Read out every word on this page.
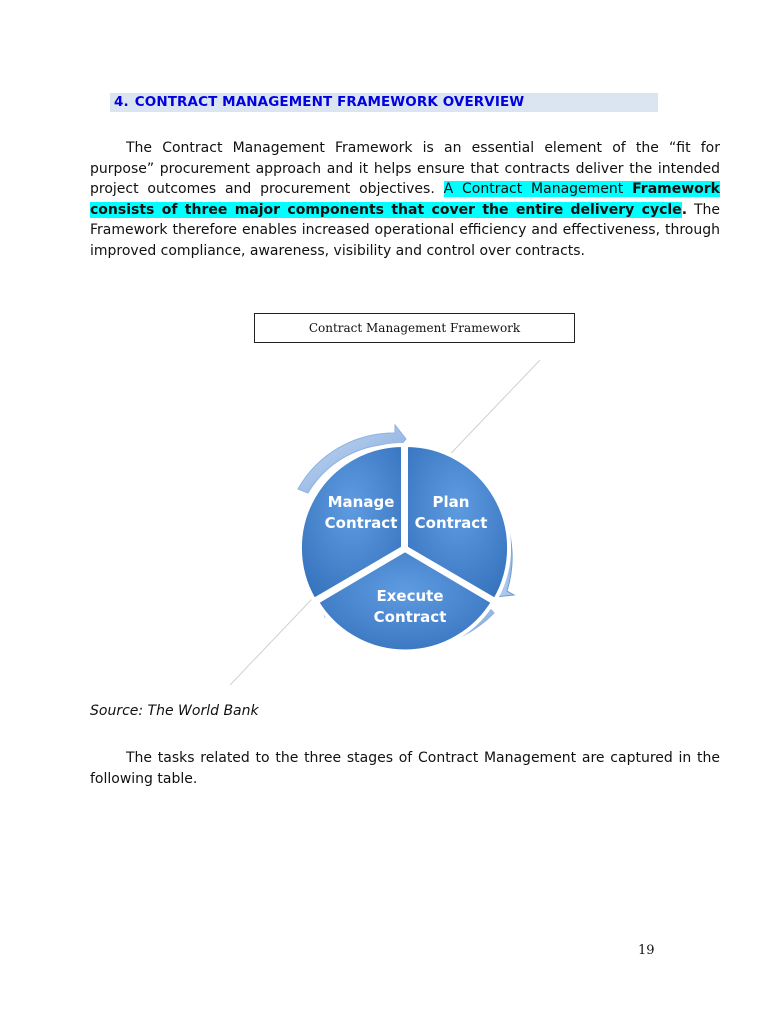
4. CONTRACT MANAGEMENT FRAMEWORK OVERVIEW

The Contract Management Framework is an essential element of the “fit for purpose” procurement approach and it helps ensure that contracts deliver the intended project outcomes and procurement objectives. A Contract Management Framework consists of three major components that cover the entire delivery cycle. The Framework therefore enables increased operational efficiency and effectiveness, through improved compliance, awareness, visibility and control over contracts.

Contract Management Framework
Manage
Contract
Plan
Contract
Execute
Contract
Source: The World Bank

The tasks related to the three stages of Contract Management are captured in the following table.

19
